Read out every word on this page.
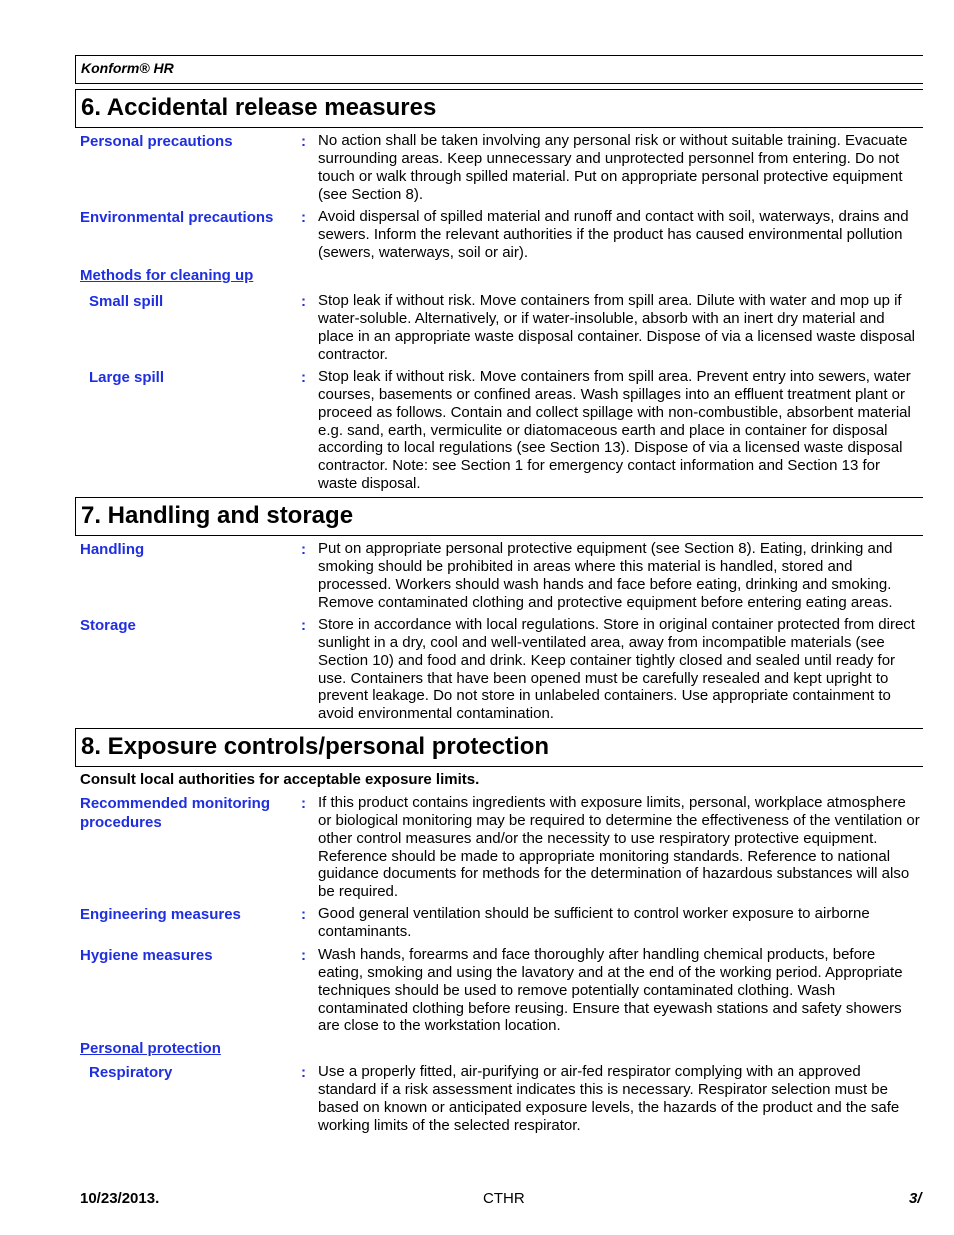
Konform® HR
6. Accidental release measures
Personal precautions	: No action shall be taken involving any personal risk or without suitable training. Evacuate surrounding areas. Keep unnecessary and unprotected personnel from entering. Do not touch or walk through spilled material. Put on appropriate personal protective equipment (see Section 8).
Environmental precautions	: Avoid dispersal of spilled material and runoff and contact with soil, waterways, drains and sewers. Inform the relevant authorities if the product has caused environmental pollution (sewers, waterways, soil or air).
Methods for cleaning up
Small spill	: Stop leak if without risk. Move containers from spill area. Dilute with water and mop up if water-soluble. Alternatively, or if water-insoluble, absorb with an inert dry material and place in an appropriate waste disposal container. Dispose of via a licensed waste disposal contractor.
Large spill	: Stop leak if without risk. Move containers from spill area. Prevent entry into sewers, water courses, basements or confined areas. Wash spillages into an effluent treatment plant or proceed as follows. Contain and collect spillage with non-combustible, absorbent material e.g. sand, earth, vermiculite or diatomaceous earth and place in container for disposal according to local regulations (see Section 13). Dispose of via a licensed waste disposal contractor. Note: see Section 1 for emergency contact information and Section 13 for waste disposal.
7. Handling and storage
Handling	: Put on appropriate personal protective equipment (see Section 8). Eating, drinking and smoking should be prohibited in areas where this material is handled, stored and processed. Workers should wash hands and face before eating, drinking and smoking. Remove contaminated clothing and protective equipment before entering eating areas.
Storage	: Store in accordance with local regulations. Store in original container protected from direct sunlight in a dry, cool and well-ventilated area, away from incompatible materials (see Section 10) and food and drink. Keep container tightly closed and sealed until ready for use. Containers that have been opened must be carefully resealed and kept upright to prevent leakage. Do not store in unlabeled containers. Use appropriate containment to avoid environmental contamination.
8. Exposure controls/personal protection
Consult local authorities for acceptable exposure limits.
Recommended monitoring
procedures
: If this product contains ingredients with exposure limits, personal, workplace atmosphere or biological monitoring may be required to determine the effectiveness of the ventilation or other control measures and/or the necessity to use respiratory protective equipment. Reference should be made to appropriate monitoring standards. Reference to national guidance documents for methods for the determination of hazardous substances will also be required.
Engineering measures	: Good general ventilation should be sufficient to control worker exposure to airborne contaminants.
Hygiene measures	: Wash hands, forearms and face thoroughly after handling chemical products, before eating, smoking and using the lavatory and at the end of the working period. Appropriate techniques should be used to remove potentially contaminated clothing. Wash contaminated clothing before reusing. Ensure that eyewash stations and safety showers are close to the workstation location.
Personal protection
Respiratory	: Use a properly fitted, air-purifying or air-fed respirator complying with an approved standard if a risk assessment indicates this is necessary. Respirator selection must be based on known or anticipated exposure levels, the hazards of the product and the safe working limits of the selected respirator.
10/23/2013.	CTHR	3/
